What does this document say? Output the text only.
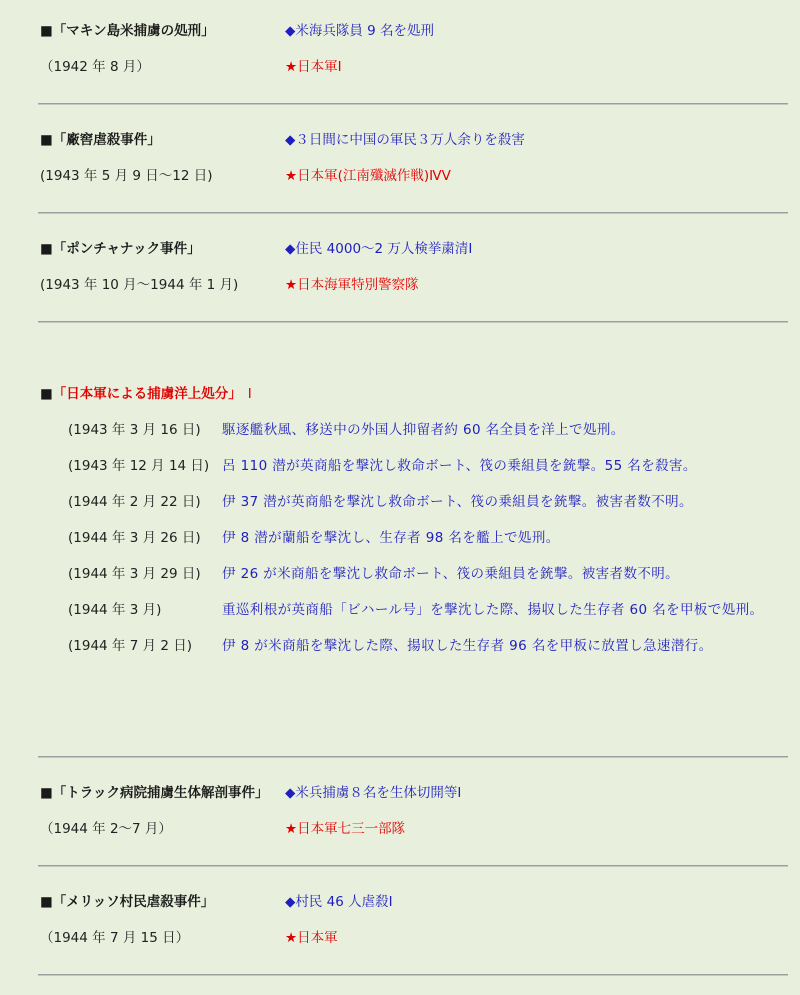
■「マキン島米捕虜の処刑」	◆米海兵隊員 9 名を処刑
（1942 年 8 月）	★日本軍Ⅰ
■「廠窖虐殺事件」	◆３日間に中国の軍民３万人余りを殺害
(1943 年 5 月 9 日～12 日)	★日本軍(江南殲滅作戦)ⅣⅤ
■「ポンチャナック事件」	◆住民 4000～2 万人検挙粛清Ⅰ
(1943 年 10 月～1944 年 1 月)	★日本海軍特別警察隊
■ 「日本軍による捕虜洋上処分」 Ⅰ
(1943 年 3 月 16 日)	駆逐艦秋風、移送中の外国人抑留者約 60 名全員を洋上で処刑。
(1943 年 12 月 14 日) 呂 110 潜が英商船を撃沈し救命ボート、筏の乗組員を銃撃。55 名を殺害。
(1944 年 2 月 22 日)	伊 37 潜が英商船を撃沈し救命ボート、筏の乗組員を銃撃。被害者数不明。
(1944 年 3 月 26 日)	伊 8 潜が蘭船を撃沈し、生存者 98 名を艦上で処刑。
(1944 年 3 月 29 日)	伊 26 が米商船を撃沈し救命ボート、筏の乗組員を銃撃。被害者数不明。
(1944 年 3 月)	重巡利根が英商船「ビハール号」を撃沈した際、揚収した生存者 60 名を甲板で処刑。
(1944 年 7 月 2 日)	伊 8 が米商船を撃沈した際、揚収した生存者 96 名を甲板に放置し急速潜行。
■「トラック病院捕虜生体解剖事件」	◆米兵捕虜８名を生体切開等Ⅰ
（1944 年 2～7 月）	★日本軍七三一部隊
■「メリッソ村民虐殺事件」	◆村民 46 人虐殺Ⅰ
（1944 年 7 月 15 日）	★日本軍
